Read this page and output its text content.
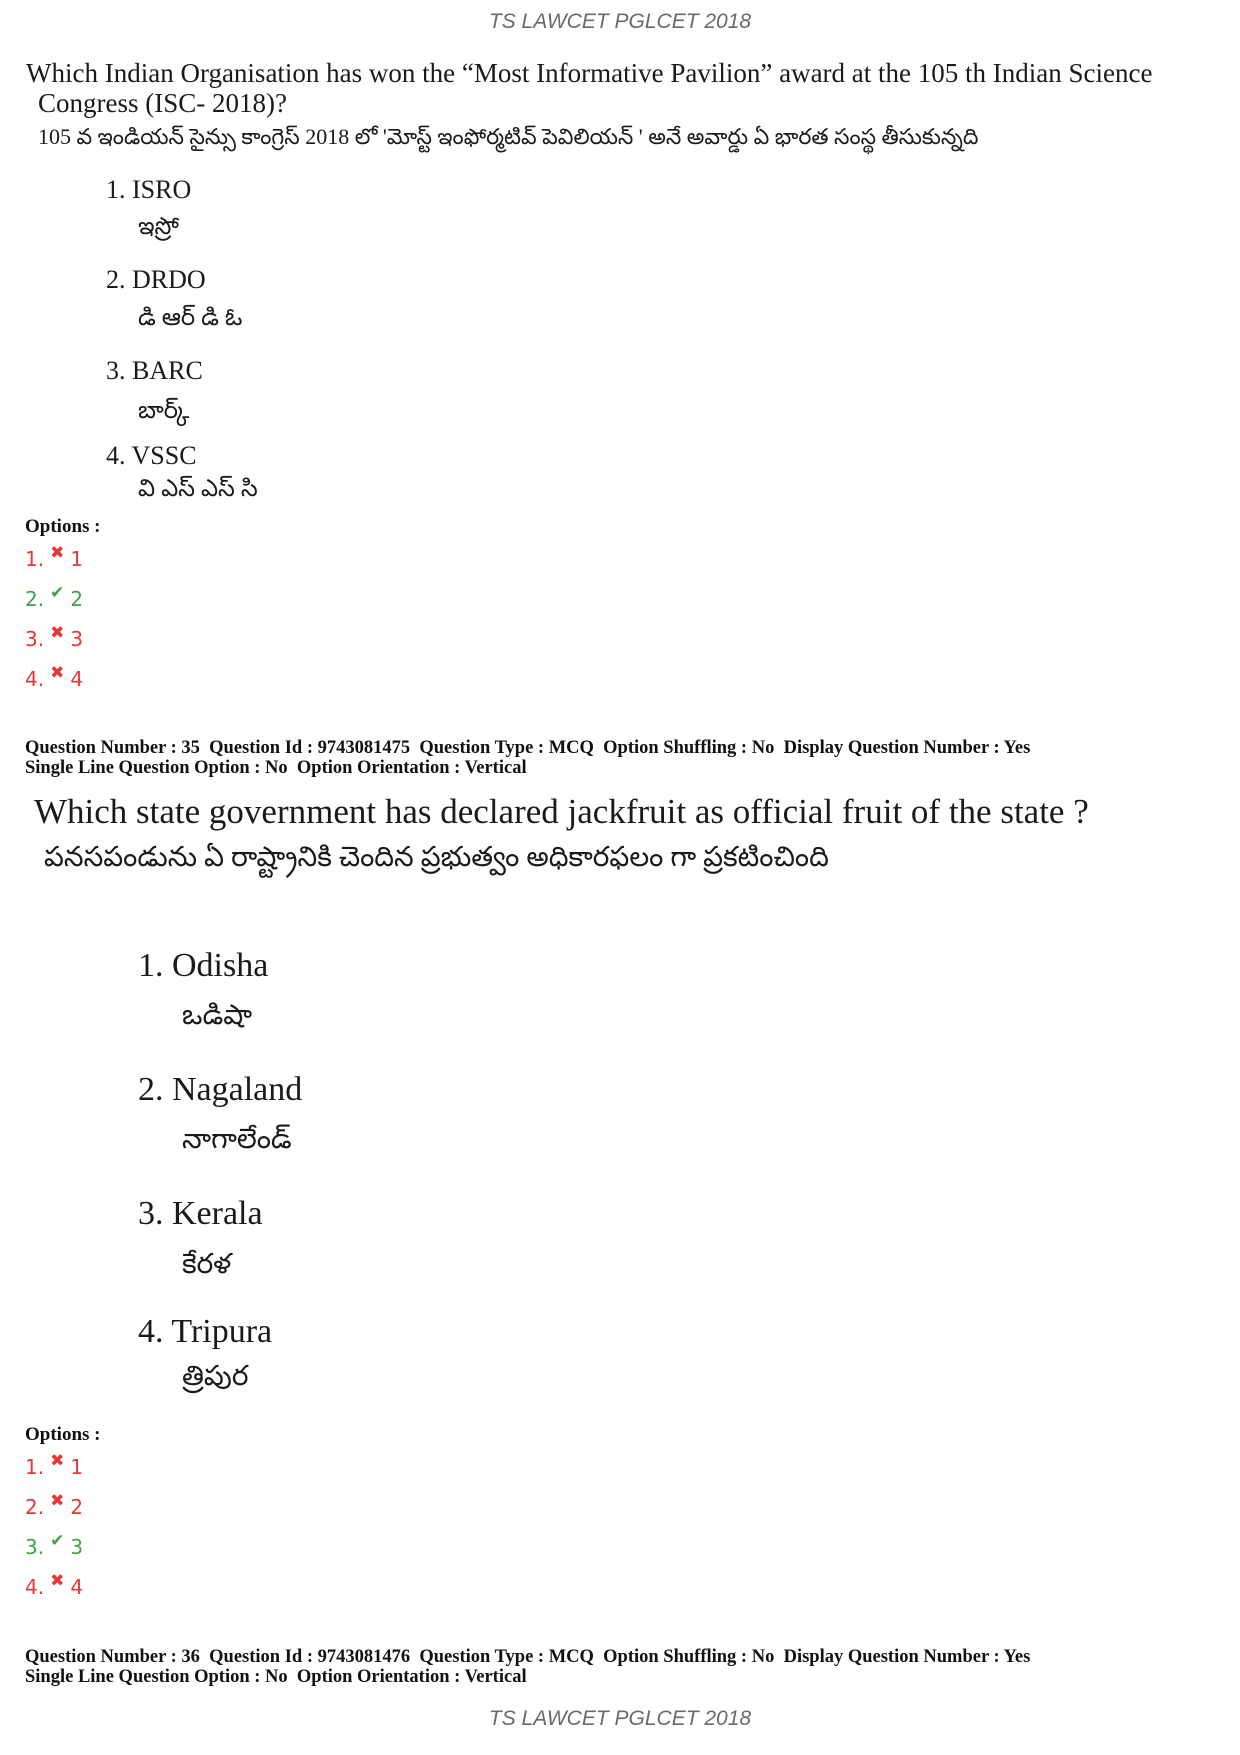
TS LAWCET PGLCET 2018
Which Indian Organisation has won the “Most Informative Pavilion” award at the 105 th Indian Science
Congress (ISC- 2018)?
105 వ ఇండియన్ సైన్సు కాంగ్రెస్ 2018 లో 'మోస్ట్ ఇంఫోర్మటివ్ పెవిలియన్ ' అనే అవార్డు ఏ భారత సంస్థ తీసుకున్నది
1. ISRO
ఇస్రో
2. DRDO
డి ఆర్ డి ఓ
3. BARC
బార్క్
4. VSSC
వి ఎస్ ఎస్ సి
Options :
1. ✖ 1
2. ✔ 2
3. ✖ 3
4. ✖ 4
Question Number : 35  Question Id : 9743081475  Question Type : MCQ  Option Shuffling : No  Display Question Number : Yes
Single Line Question Option : No  Option Orientation : Vertical
Which state government has declared jackfruit as official fruit of the state ?
పనసపండును ఏ రాష్ట్రానికి చెందిన ప్రభుత్వం అధికారఫలం గా ప్రకటించింది
1. Odisha
ఒడిషా
2. Nagaland
నాగాలేండ్
3. Kerala
కేరళ
4. Tripura
త్రిపుర
Options :
1. ✖ 1
2. ✖ 2
3. ✔ 3
4. ✖ 4
Question Number : 36  Question Id : 9743081476  Question Type : MCQ  Option Shuffling : No  Display Question Number : Yes
Single Line Question Option : No  Option Orientation : Vertical
TS LAWCET PGLCET 2018
